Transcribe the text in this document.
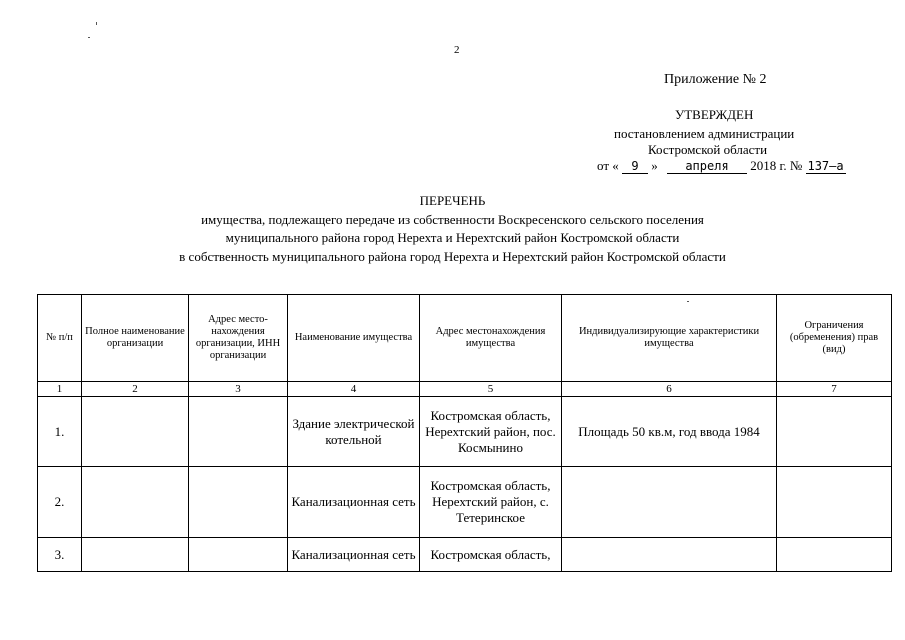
2
Приложение № 2
УТВЕРЖДЕН
постановлением администрации
Костромской области
от « 9 » апреля 2018 г. № 137–а
ПЕРЕЧЕНЬ
имущества, подлежащего передаче из собственности Воскресенского сельского поселения
муниципального района город Нерехта и Нерехтский район Костромской области
в собственность муниципального района город Нерехта и Нерехтский район Костромской области
№ п/п	Полное наименование организации	Адрес место-нахождения организации, ИНН организации	Наименование имущества	Адрес местонахождения имущества	Индивидуализирующие характеристики имущества	Ограничения (обременения) прав (вид)
1	2	3	4	5	6	7
1.			Здание электрической котельной	Костромская область, Нерехтский район, пос. Космынино	Площадь 50 кв.м, год ввода 1984	
2.			Канализационная сеть	Костромская область, Нерехтский район, с. Тетеринское		
3.			Канализационная сеть	Костромская область,		
